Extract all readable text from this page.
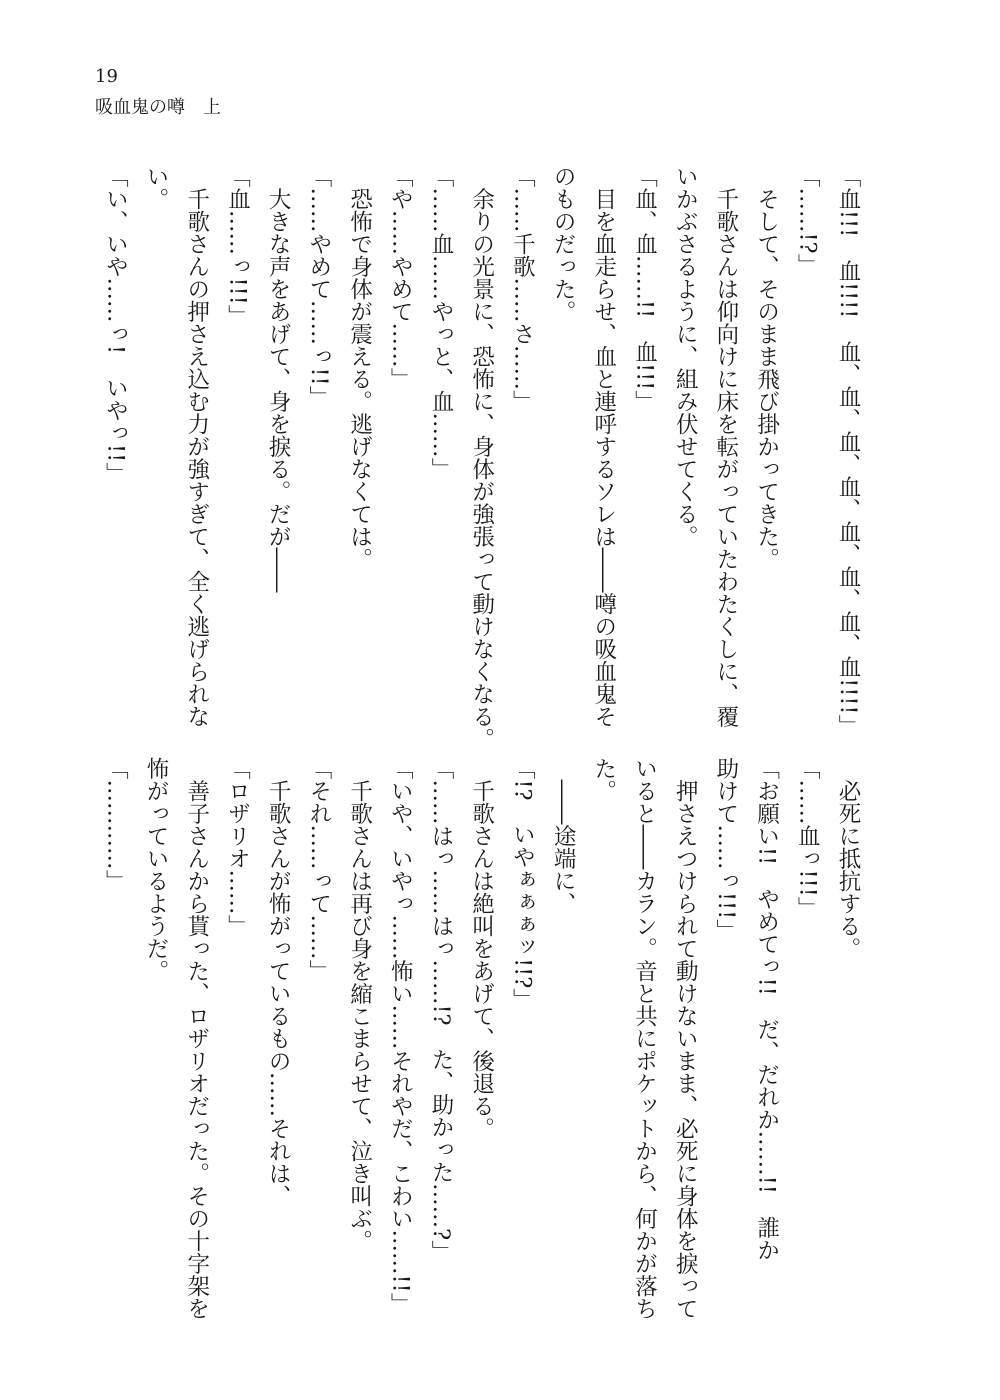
19
吸血鬼の噂　上
「血!!!　血!!!!　血、血、血、血、血、血、血、血!!!!」
「……!?」
　そして、そのまま飛び掛かってきた。
　千歌さんは仰向けに床を転がっていたわたくしに、覆
いかぶさるように、組み伏せてくる。
「血、血……!!　血!!!」
　目を血走らせ、血と連呼するソレは――噂の吸血鬼そ
のものだった。
「……千歌……さ……」
　余りの光景に、恐怖に、身体が強張って動けなくなる。
「……血……やっと、血……」
「や……やめて……」
　恐怖で身体が震える。逃げなくては。
「……やめて……っ!!」
　大きな声をあげて、身を捩る。だが――
「血……っ!!!」
　千歌さんの押さえ込む力が強すぎて、全く逃げられな
い。
「い、いや……っ!　いやっ!!」
　必死に抵抗する。
「……血っ!!!」
「お願い!!　やめてっ!!　だ、だれか……!!　誰か
助けて……っ!!!」
　押さえつけられて動けないまま、必死に身体を捩って
いると――カラン。音と共にポケットから、何かが落ち
た。
　――途端に、
「!?　いやぁぁぁッ!!?」
　千歌さんは絶叫をあげて、後退る。
「……はっ……はっ……!?　た、助かった……?」
「いや、いやっ……怖い……それやだ、こわい……!!」
　千歌さんは再び身を縮こまらせて、泣き叫ぶ。
「それ……って……」
　千歌さんが怖がっているもの……それは、
「ロザリオ……」
　善子さんから貰った、ロザリオだった。その十字架を
怖がっているようだ。
「…………」
